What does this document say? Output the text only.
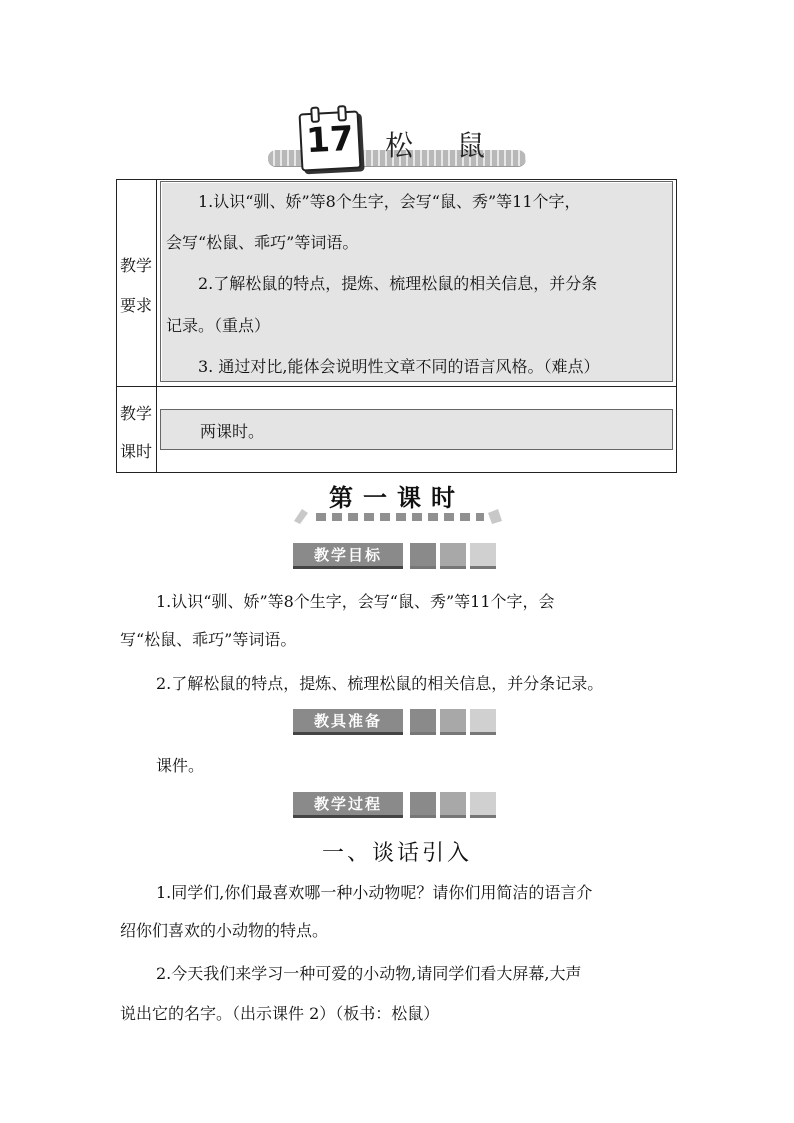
17 松鼠
教学
要求
1.认识“驯、娇”等8个生字，会写“鼠、秀”等11个字，
会写“松鼠、乖巧”等词语。
2.了解松鼠的特点，提炼、梳理松鼠的相关信息，并分条
记录。（重点）
3. 通过对比,能体会说明性文章不同的语言风格。（难点）
教学
课时
两课时。
第一课时
教学目标
1.认识“驯、娇”等8个生字，会写“鼠、秀”等11个字，会
写“松鼠、乖巧”等词语。
2.了解松鼠的特点，提炼、梳理松鼠的相关信息，并分条记录。
教具准备
课件。
教学过程
一、谈话引入
1.同学们,你们最喜欢哪一种小动物呢？请你们用简洁的语言介
绍你们喜欢的小动物的特点。
2.今天我们来学习一种可爱的小动物,请同学们看大屏幕,大声
说出它的名字。（出示课件 2）（板书：松鼠）
